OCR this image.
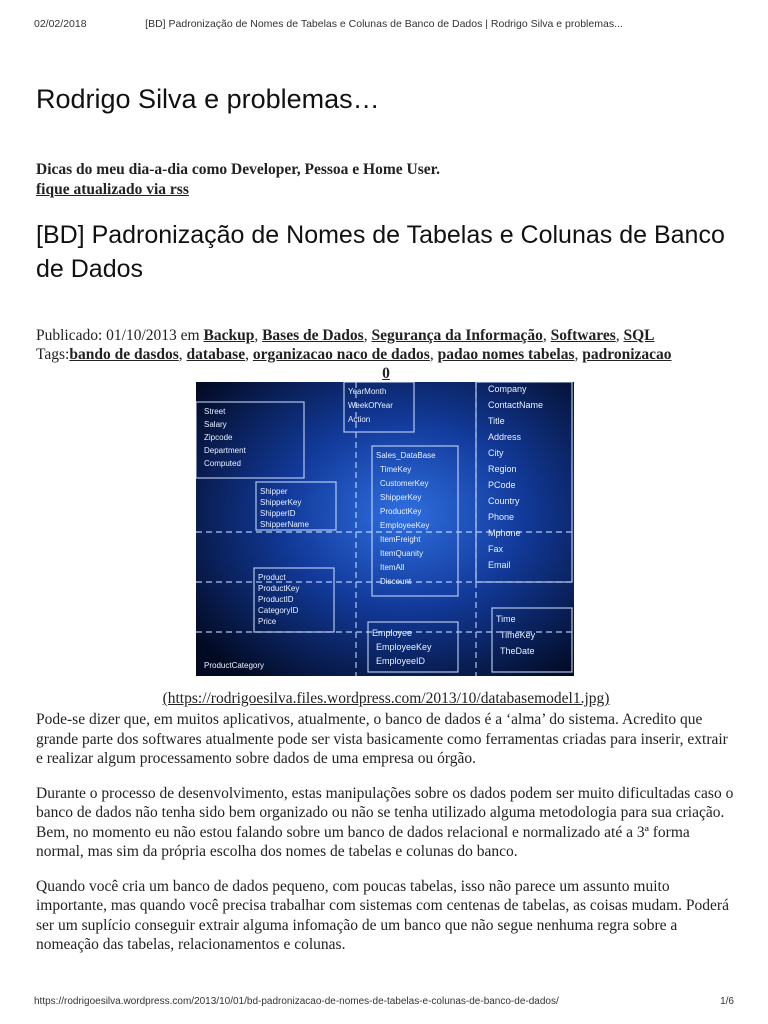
02/02/2018	[BD] Padronização de Nomes de Tabelas e Colunas de Banco de Dados | Rodrigo Silva e problemas...
Rodrigo Silva e problemas…
Dicas do meu dia-a-dia como Developer, Pessoa e Home User.
fique atualizado via rss
[BD] Padronização de Nomes de Tabelas e Colunas de Banco de Dados
Publicado: 01/10/2013 em Backup, Bases de Dados, Segurança da Informação, Softwares, SQL
Tags:bando de dasdos, database, organizacao naco de dados, padao nomes tabelas, padronizacao
0
YearMonth
WeekOfYear
Action
Street
Salary
Zipcode
Department
Computed
Shipper
ShipperKey
ShipperID
ShipperName
Product
ProductKey
ProductID
CategoryID
Price
ProductCategory
Sales_DataBase
TimeKey
CustomerKey
ShipperKey
ProductKey
EmployeeKey
ItemFreight
ItemQuanity
ItemAll
Discount
Company
ContactName
Title
Address
City
Region
PCode
Country
Phone
Mphone
Fax
Email
Employee
EmployeeKey
EmployeeID
Time
TimeKey
TheDate
(https://rodrigoesilva.files.wordpress.com/2013/10/databasemodel1.jpg)

Pode-se dizer que, em muitos aplicativos, atualmente, o banco de dados é a ‘alma’ do sistema. Acredito que grande parte dos softwares atualmente pode ser vista basicamente como ferramentas criadas para inserir, extrair e realizar algum processamento sobre dados de uma empresa ou órgão.

Durante o processo de desenvolvimento, estas manipulações sobre os dados podem ser muito dificultadas caso o banco de dados não tenha sido bem organizado ou não se tenha utilizado alguma metodologia para sua criação. Bem, no momento eu não estou falando sobre um banco de dados relacional e normalizado até a 3ª forma normal, mas sim da própria escolha dos nomes de tabelas e colunas do banco.

Quando você cria um banco de dados pequeno, com poucas tabelas, isso não parece um assunto muito importante, mas quando você precisa trabalhar com sistemas com centenas de tabelas, as coisas mudam. Poderá ser um suplício conseguir extrair alguma infomação de um banco que não segue nenhuma regra sobre a nomeação das tabelas, relacionamentos e colunas.

https://rodrigoesilva.wordpress.com/2013/10/01/bd-padronizacao-de-nomes-de-tabelas-e-colunas-de-banco-de-dados/	1/6
